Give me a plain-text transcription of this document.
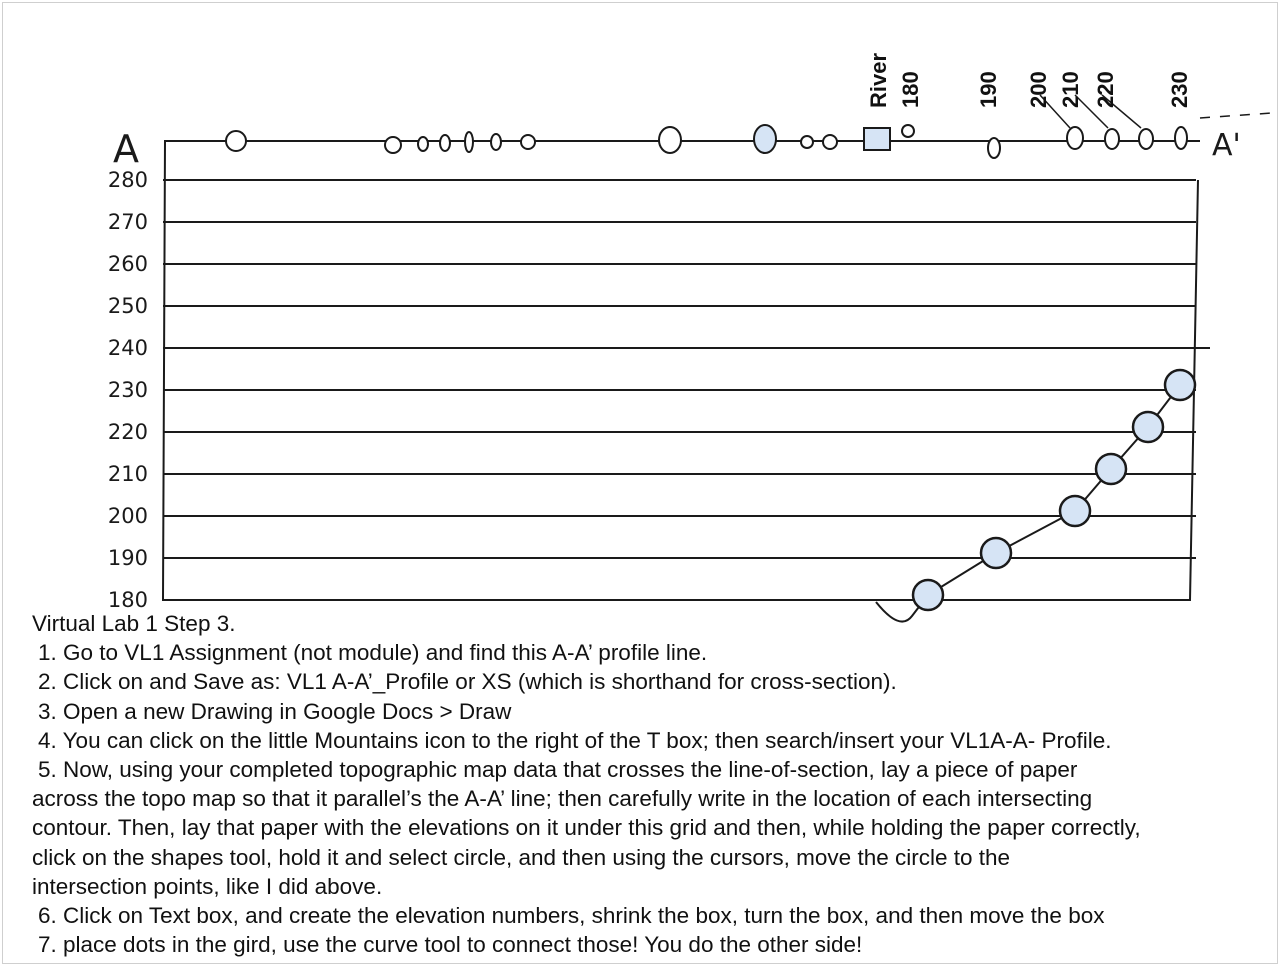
A	A'
River 180 190 200 210 220 230
280
270
260
250
240
230
220
210
200
190
180
Virtual Lab 1 Step 3.
1. Go to VL1 Assignment (not module) and find this A-A’ profile line.
2. Click on and Save as: VL1 A-A’_Profile or XS (which is shorthand for cross-section).
3. Open a new Drawing in Google Docs > Draw
4. You can click on the little Mountains icon to the right of the T box; then search/insert your VL1A-A- Profile.
5. Now, using your completed topographic map data that crosses the line-of-section, lay a piece of paper
across the topo map so that it parallel’s the A-A’ line; then carefully write in the location of each intersecting
contour. Then, lay that paper with the elevations on it under this grid and then, while holding the paper correctly,
click on the shapes tool, hold it and select circle, and then using the cursors, move the circle to the
intersection points, like I did above.
6. Click on Text box, and create the elevation numbers, shrink the box, turn the box, and then move the box
7. place dots in the gird, use the curve tool to connect those! You do the other side!
